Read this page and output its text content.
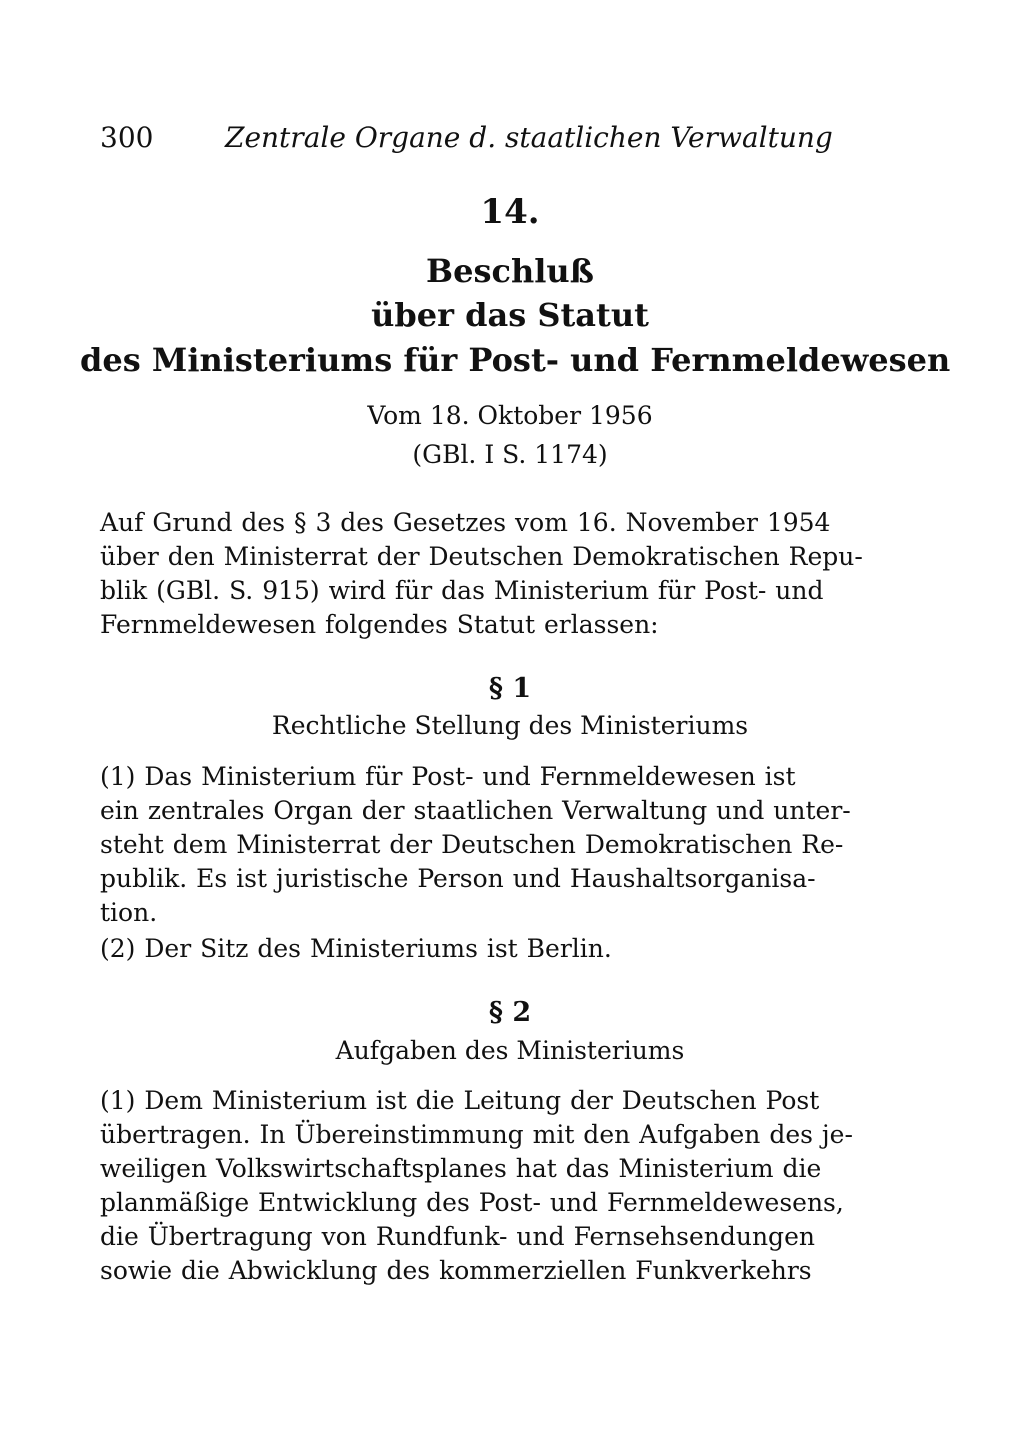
300	Zentrale Organe d. staatlichen Verwaltung
14.
Beschluß
über das Statut
des Ministeriums für Post- und Fernmeldewesen
Vom 18. Oktober 1956
(GBl. I S. 1174)
Auf Grund des § 3 des Gesetzes vom 16. November 1954
über den Ministerrat der Deutschen Demokratischen Repu-
blik (GBl. S. 915) wird für das Ministerium für Post- und
Fernmeldewesen folgendes Statut erlassen:
§ 1
Rechtliche Stellung des Ministeriums
(1) Das Ministerium für Post- und Fernmeldewesen ist
ein zentrales Organ der staatlichen Verwaltung und unter-
steht dem Ministerrat der Deutschen Demokratischen Re-
publik. Es ist juristische Person und Haushaltsorganisa-
tion.
(2) Der Sitz des Ministeriums ist Berlin.
§ 2
Aufgaben des Ministeriums
(1) Dem Ministerium ist die Leitung der Deutschen Post
übertragen. In Übereinstimmung mit den Aufgaben des je-
weiligen Volkswirtschaftsplanes hat das Ministerium die
planmäßige Entwicklung des Post- und Fernmeldewesens,
die Übertragung von Rundfunk- und Fernsehsendungen
sowie die Abwicklung des kommerziellen Funkverkehrs
